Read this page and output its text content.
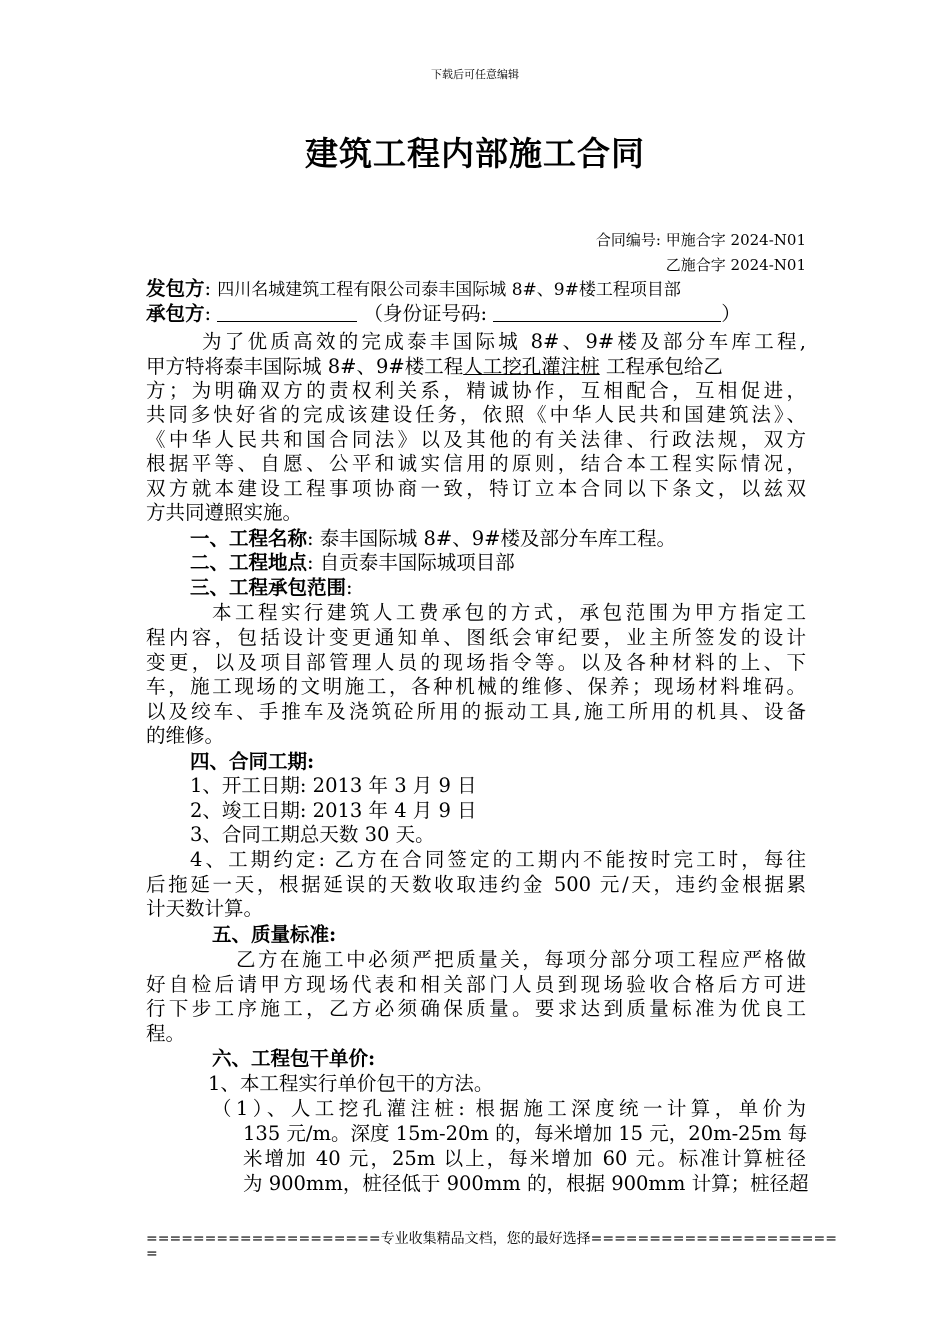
下载后可任意编辑
建筑工程内部施工合同
合同编号: 甲施合字 2024-N01
乙施合字 2024-N01
发包方: 四川名城建筑工程有限公司泰丰国际城 8#、9#楼工程项目部
承包方:	（身份证号码:	）
为了优质高效的完成泰丰国际城 8#、9#楼及部分车库工程,
甲方特将泰丰国际城 8#、9#楼工程人工挖孔灌注桩 工程承包给乙
方；为明确双方的责权利关系，精诚协作，互相配合，互相促进，
共同多快好省的完成该建设任务，依照《中华人民共和国建筑法》、
《中华人民共和国合同法》以及其他的有关法律、行政法规，双方
根据平等、自愿、公平和诚实信用的原则，结合本工程实际情况，
双方就本建设工程事项协商一致，特订立本合同以下条文，以兹双
方共同遵照实施。
一、工程名称: 泰丰国际城 8#、9#楼及部分车库工程。
二、工程地点: 自贡泰丰国际城项目部
三、工程承包范围:
本工程实行建筑人工费承包的方式，承包范围为甲方指定工
程内容，包括设计变更通知单、图纸会审纪要，业主所签发的设计
变更，以及项目部管理人员的现场指令等。以及各种材料的上、下
车，施工现场的文明施工，各种机械的维修、保养；现场材料堆码。
以及绞车、手推车及浇筑砼所用的振动工具,施工所用的机具、设备
的维修。
四、合同工期:
1、开工日期: 2013 年 3 月 9 日
2、竣工日期: 2013 年 4 月 9 日
3、合同工期总天数 30 天。
4、工期约定: 乙方在合同签定的工期内不能按时完工时，每往
后拖延一天，根据延误的天数收取违约金 500 元/天，违约金根据累
计天数计算。
五、质量标准:
乙方在施工中必须严把质量关，每项分部分项工程应严格做
好自检后请甲方现场代表和相关部门人员到现场验收合格后方可进
行下步工序施工，乙方必须确保质量。要求达到质量标准为优良工
程。
六、工程包干单价:
1、本工程实行单价包干的方法。
（1）、人工挖孔灌注桩: 根据施工深度统一计算，单价为
135 元/m。深度 15m-20m 的，每米增加 15 元，20m-25m 每
米增加 40 元，25m 以上，每米增加 60 元。标准计算桩径
为 900mm，桩径低于 900mm 的，根据 900mm 计算；桩径超
====================专业收集精品文档，您的最好选择=====================
=
